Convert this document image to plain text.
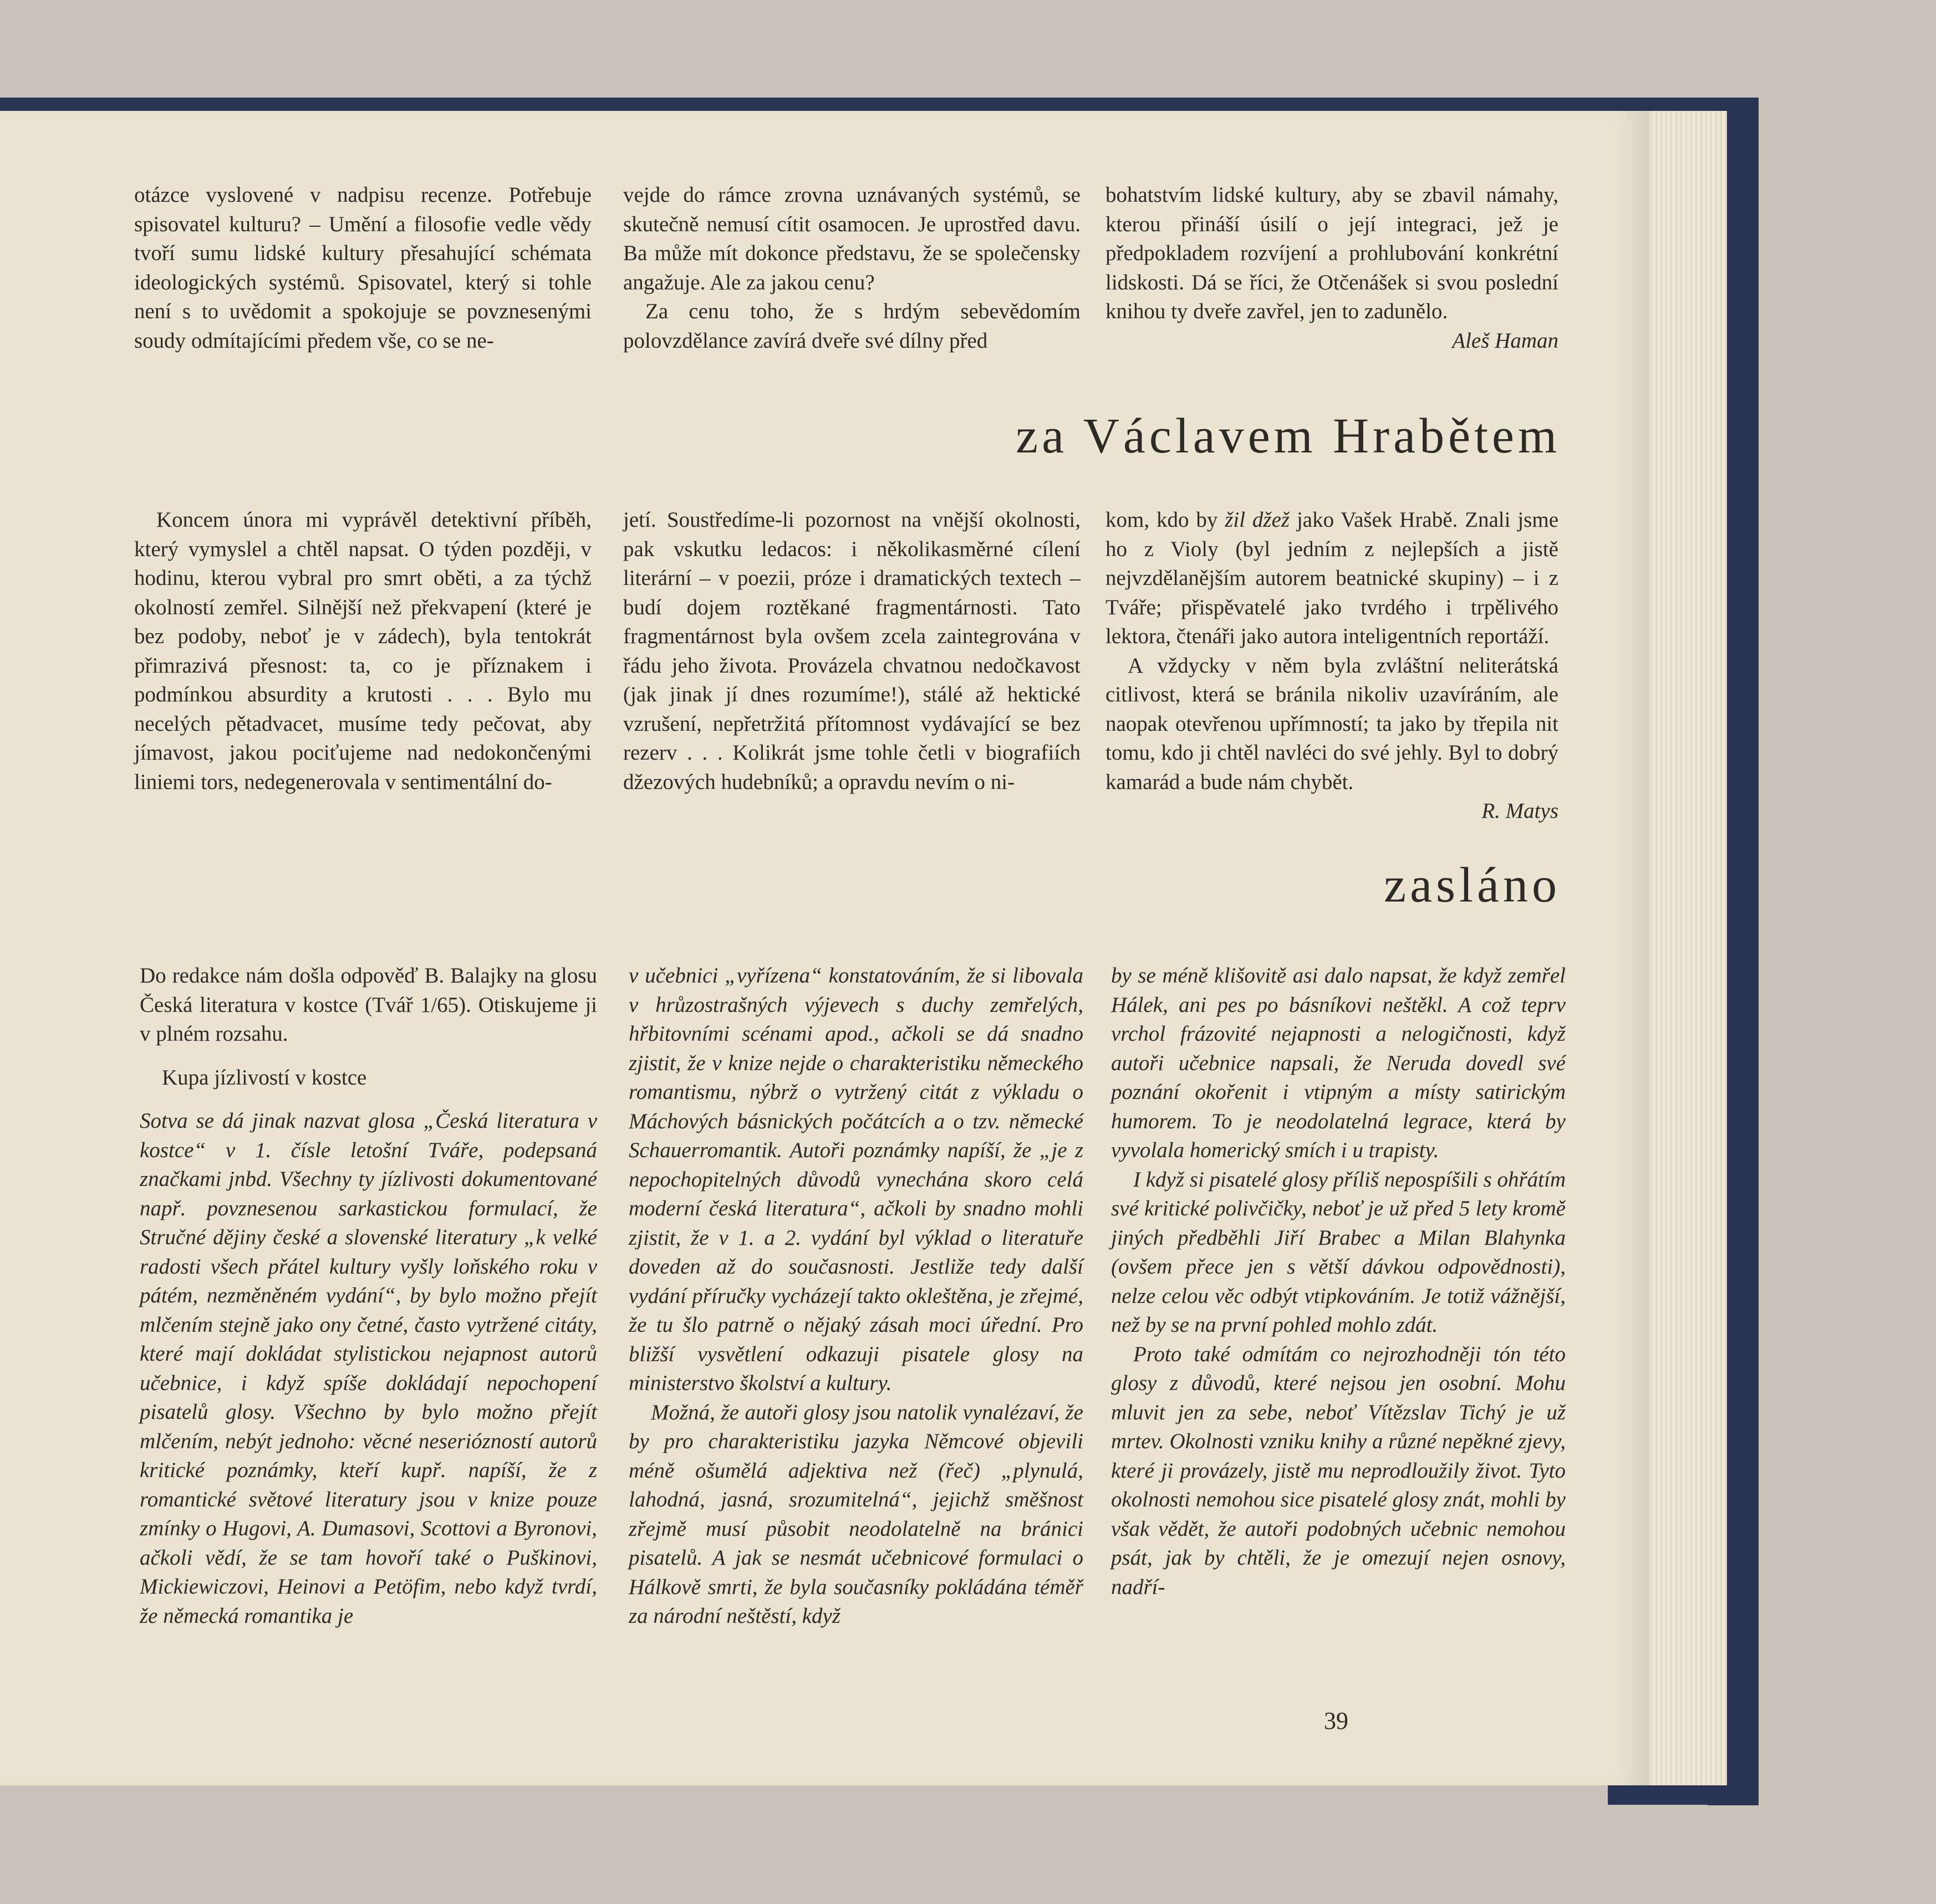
otázce vyslovené v nadpisu recenze. Potřebuje spisovatel kulturu? – Umění a filosofie vedle vědy tvoří sumu lidské kultury přesahující schémata ideologických systémů. Spisovatel, který si tohle není s to uvědomit a spokojuje se povznesenými soudy odmítajícími předem vše, co se ne-

vejde do rámce zrovna uznávaných systémů, se skutečně nemusí cítit osamocen. Je uprostřed davu. Ba může mít dokonce představu, že se společensky angažuje. Ale za jakou cenu?

Za cenu toho, že s hrdým sebevědomím polovzdělance zavírá dveře své dílny před

bohatstvím lidské kultury, aby se zbavil námahy, kterou přináší úsilí o její integraci, jež je předpokladem rozvíjení a prohlubování konkrétní lidskosti. Dá se říci, že Otčenášek si svou poslední knihou ty dveře zavřel, jen to zadunělo.

Aleš Haman

za Václavem Hrabětem

Koncem února mi vyprávěl detektivní příběh, který vymyslel a chtěl napsat. O týden později, v hodinu, kterou vybral pro smrt oběti, a za týchž okolností zemřel. Silnější než překvapení (které je bez podoby, neboť je v zádech), byla tentokrát přimrazivá přesnost: ta, co je příznakem i podmínkou absurdity a krutosti . . . Bylo mu necelých pětadvacet, musíme tedy pečovat, aby jímavost, jakou pociťujeme nad nedokončenými liniemi tors, nedegenerovala v sentimentální do-

jetí. Soustředíme-li pozornost na vnější okolnosti, pak vskutku ledacos: i několikasměrné cílení literární – v poezii, próze i dramatických textech – budí dojem roztěkané fragmentárnosti. Tato fragmentárnost byla ovšem zcela zaintegrována v řádu jeho života. Provázela chvatnou nedočkavost (jak jinak jí dnes rozumíme!), stálé až hektické vzrušení, nepřetržitá přítomnost vydávající se bez rezerv . . . Kolikrát jsme tohle četli v biografiích džezových hudebníků; a opravdu nevím o ni-

kom, kdo by žil džež jako Vašek Hrabě. Znali jsme ho z Violy (byl jedním z nejlepších a jistě nejvzdělanějším autorem beatnické skupiny) – i z Tváře; přispěvatelé jako tvrdého i trpělivého lektora, čtenáři jako autora inteligentních reportáží.

A vždycky v něm byla zvláštní neliterátská citlivost, která se bránila nikoliv uzavíráním, ale naopak otevřenou upřímností; ta jako by třepila nit tomu, kdo ji chtěl navléci do své jehly. Byl to dobrý kamarád a bude nám chybět.

R. Matys

zasláno

Do redakce nám došla odpověď B. Balajky na glosu Česká literatura v kostce (Tvář 1/65). Otiskujeme ji v plném rozsahu.

Kupa jízlivostí v kostce

Sotva se dá jinak nazvat glosa „Česká literatura v kostce“ v 1. čísle letošní Tváře, podepsaná značkami jnbd. Všechny ty jízlivosti dokumentované např. povznesenou sarkastickou formulací, že Stručné dějiny české a slovenské literatury „k velké radosti všech přátel kultury vyšly loňského roku v pátém, nezměněném vydání“, by bylo možno přejít mlčením stejně jako ony četné, často vytržené citáty, které mají dokládat stylistickou nejapnost autorů učebnice, i když spíše dokládají nepochopení pisatelů glosy. Všechno by bylo možno přejít mlčením, nebýt jednoho: věcné neseriózností autorů kritické poznámky, kteří kupř. napíší, že z romantické světové literatury jsou v knize pouze zmínky o Hugovi, A. Dumasovi, Scottovi a Byronovi, ačkoli vědí, že se tam hovoří také o Puškinovi, Mickiewiczovi, Heinovi a Petöfim, nebo když tvrdí, že německá romantika je

v učebnici „vyřízena“ konstatováním, že si libovala v hrůzostrašných výjevech s duchy zemřelých, hřbitovními scénami apod., ačkoli se dá snadno zjistit, že v knize nejde o charakteristiku německého romantismu, nýbrž o vytržený citát z výkladu o Máchových básnických počátcích a o tzv. německé Schauerromantik. Autoři poznámky napíší, že „je z nepochopitelných důvodů vynechána skoro celá moderní česká literatura“, ačkoli by snadno mohli zjistit, že v 1. a 2. vydání byl výklad o literatuře doveden až do současnosti. Jestliže tedy další vydání příručky vycházejí takto okleštěna, je zřejmé, že tu šlo patrně o nějaký zásah moci úřední. Pro bližší vysvětlení odkazuji pisatele glosy na ministerstvo školství a kultury.

Možná, že autoři glosy jsou natolik vynalézaví, že by pro charakteristiku jazyka Němcové objevili méně ošumělá adjektiva než (řeč) „plynulá, lahodná, jasná, srozumitelná“, jejichž směšnost zřejmě musí působit neodolatelně na bránici pisatelů. A jak se nesmát učebnicové formulaci o Hálkově smrti, že byla současníky pokládána téměř za národní neštěstí, když

by se méně klišovitě asi dalo napsat, že když zemřel Hálek, ani pes po básníkovi neštěkl. A což teprv vrchol frázovité nejapnosti a nelogičnosti, když autoři učebnice napsali, že Neruda dovedl své poznání okořenit i vtipným a místy satirickým humorem. To je neodolatelná legrace, která by vyvolala homerický smích i u trapisty.

I když si pisatelé glosy příliš nepospíšili s ohřátím své kritické polivčičky, neboť je už před 5 lety kromě jiných předběhli Jiří Brabec a Milan Blahynka (ovšem přece jen s větší dávkou odpovědnosti), nelze celou věc odbýt vtipkováním. Je totiž vážnější, než by se na první pohled mohlo zdát.

Proto také odmítám co nejrozhodněji tón této glosy z důvodů, které nejsou jen osobní. Mohu mluvit jen za sebe, neboť Vítězslav Tichý je už mrtev. Okolnosti vzniku knihy a různé nepěkné zjevy, které ji provázely, jistě mu neprodloužily život. Tyto okolnosti nemohou sice pisatelé glosy znát, mohli by však vědět, že autoři podobných učebnic nemohou psát, jak by chtěli, že je omezují nejen osnovy, nadří-

39
